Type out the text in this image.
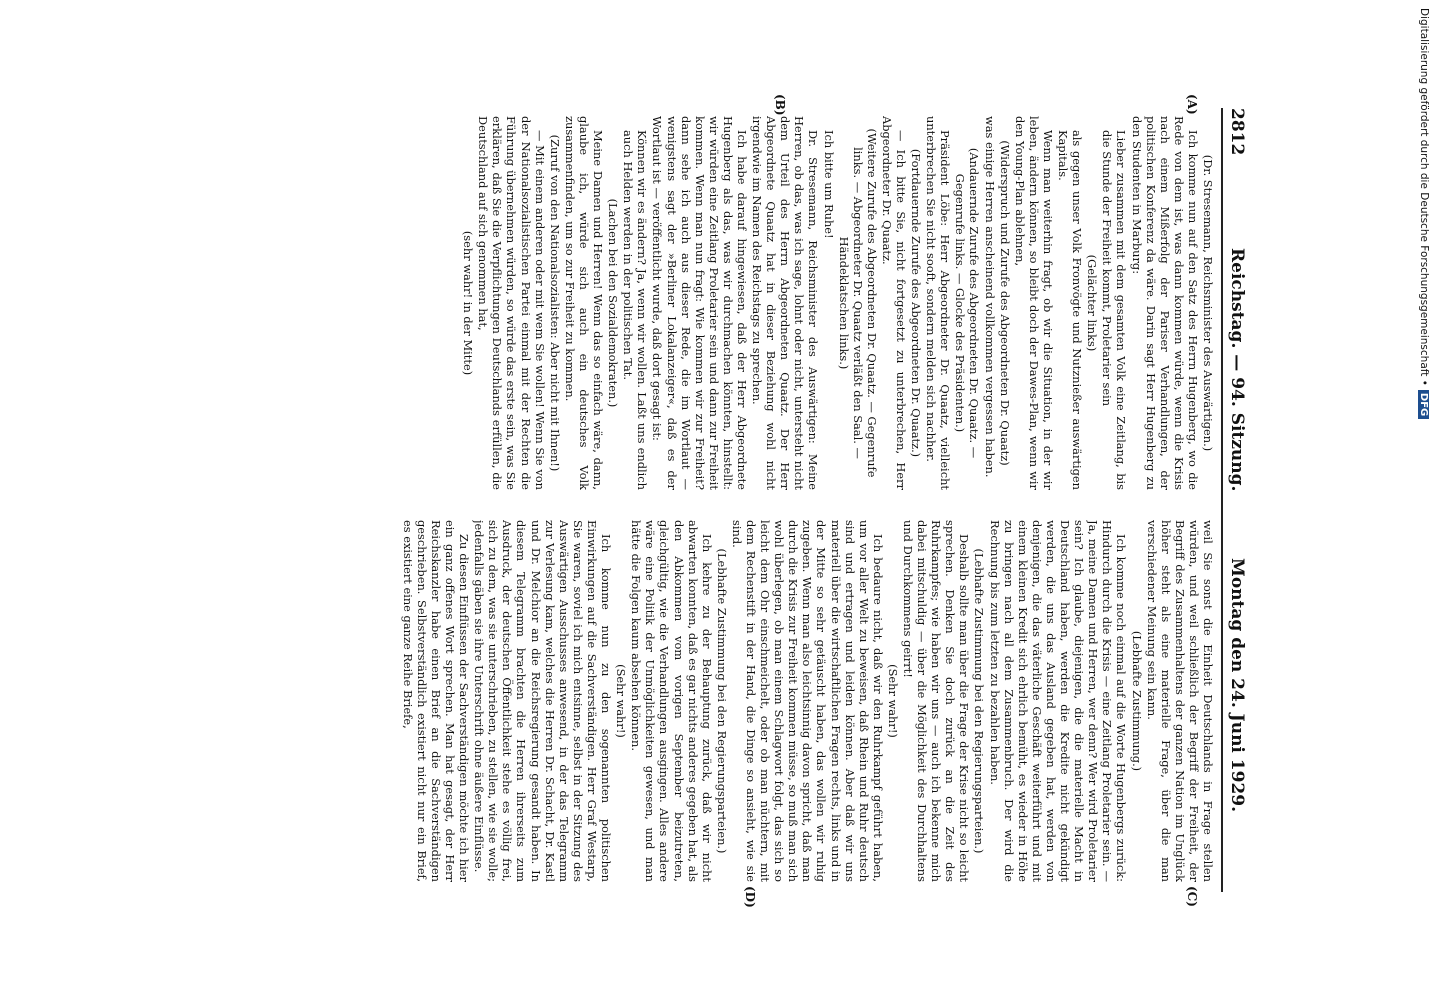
2812
Reichstag. — 94. Sitzung.
Montag den 24. Juni 1929.
(A)
(B)
(C)
(D)

(Dr. Stresemann, Reichsminister des Auswärtigen.)

Ich komme nun auf den Satz des Herrn Hugenberg, wo die Rede von dem ist, was dann kommen würde, wenn die Krisis nach einem Mißerfolg der Pariser Verhandlungen, der politischen Konferenz da wäre. Darin sagt Herr Hugenberg zu den Studenten in Marburg:

Lieber zusammen mit dem gesamten Volk eine Zeitlang, bis die Stunde der Freiheit kommt, Proletarier sein

(Gelächter links)

als gegen unser Volk Fronvögte und Nutznießer auswärtigen Kapitals.

Wenn man weiterhin fragt, ob wir die Situation, in der wir leben, ändern können, so bleibt doch der Dawes-Plan, wenn wir den Young-Plan ablehnen,

(Widerspruch und Zurufe des Abgeordneten Dr. Quaatz)

was einige Herren anscheinend vollkommen vergessen haben.

(Andauernde Zurufe des Abgeordneten Dr. Quaatz. — Gegenrufe links. — Glocke des Präsidenten.)

Präsident Löbe: Herr Abgeordneter Dr. Quaatz, vielleicht unterbrechen Sie nicht sooft, sondern melden sich nachher.

(Fortdauernde Zurufe des Abgeordneten Dr. Quaatz.)

— Ich bitte Sie, nicht fortgesetzt zu unterbrechen, Herr Abgeordneter Dr. Quaatz.

(Weitere Zurufe des Abgeordneten Dr. Quaatz. — Gegenrufe links. — Abgeordneter Dr. Quaatz verläßt den Saal. — Händeklatschen links.)

Ich bitte um Ruhe!

Dr. Stresemann, Reichsminister des Auswärtigen: Meine Herren, ob das, was ich sage, lohnt oder nicht, untersteht nicht dem Urteil des Herrn Abgeordneten Quaatz. Der Herr Abgeordnete Quaatz hat in dieser Beziehung wohl nicht irgendwie im Namen des Reichstags zu sprechen.

Ich habe darauf hingewiesen, daß der Herr Abgeordnete Hugenberg als das, was wir durchmachen könnten, hinstellt: wir würden eine Zeitlang Proletarier sein und dann zur Freiheit kommen. Wenn man nun fragt: Wie kommen wir zur Freiheit? dann sehe ich auch aus dieser Rede, die im Wortlaut — wenigstens sagt der »Berliner Lokalanzeiger«, daß es der Wortlaut ist — veröffentlicht wurde, daß dort gesagt ist:

Können wir es ändern? Ja, wenn wir wollen. Laßt uns endlich auch Helden werden in der politischen Tat.

(Lachen bei den Sozialdemokraten.)

Meine Damen und Herren! Wenn das so einfach wäre, dann, glaube ich, würde sich auch ein deutsches Volk zusammenfinden, um so zur Freiheit zu kommen.

(Zuruf von den Nationalsozialisten: Aber nicht mit Ihnen!)

— Mit einem anderen oder mit wem Sie wollen! Wenn Sie von der Nationalsozialistischen Partei einmal mit der Rechten die Führung übernehmen würden, so würde das erste sein, was Sie erklären, daß Sie die Verpflichtungen Deutschlands erfüllen, die Deutschland auf sich genommen hat,

(sehr wahr! in der Mitte)

weil Sie sonst die Einheit Deutschlands in Frage stellen würden, und weil schließlich der Begriff der Freiheit, der Begriff des Zusammenhaltens der ganzen Nation im Unglück höher steht als eine materielle Frage, über die man verschiedener Meinung sein kann.

(Lebhafte Zustimmung.)

Ich komme noch einmal auf die Worte Hugenbergs zurück: Hindurch durch die Krisis — eine Zeitlang Proletarier sein. — Ja, meine Damen und Herren, wer denn? Wer wird Proletarier sein? Ich glaube, diejenigen, die die materielle Macht in Deutschland haben, werden die Kredite nicht gekündigt werden, die uns das Ausland gegeben hat, werden von denjenigen, die das väterliche Geschäft weiterführt und mit einem kleinen Kredit sich ehrlich bemüht, es wieder in Höhe zu bringen nach all dem Zusammenbruch. Der wird die Rechnung bis zum letzten zu bezahlen haben.

(Lebhafte Zustimmung bei den Regierungsparteien.)

Deshalb sollte man über die Frage der Krise nicht so leicht sprechen. Denken Sie doch zurück an die Zeit des Ruhrkampfes; wie haben wir uns — auch ich bekenne mich dabei mitschuldig — über die Möglichkeit des Durchhaltens und Durchkommens geirrt!

(Sehr wahr!)

Ich bedaure nicht, daß wir den Ruhrkampf geführt haben, um vor aller Welt zu beweisen, daß Rhein und Ruhr deutsch sind und ertragen und leiden können. Aber daß wir uns materiell über die wirtschaftlichen Fragen rechts, links und in der Mitte so sehr getäuscht haben, das wollen wir ruhig zugeben. Wenn man also leichtsinnig davon spricht, daß man durch die Krisis zur Freiheit kommen müsse, so muß man sich wohl überlegen, ob man einem Schlagwort folgt, das sich so leicht dem Ohr einschmeichelt, oder ob man nüchtern, mit dem Rechenstift in der Hand, die Dinge so ansieht, wie sie sind.

(Lebhafte Zustimmung bei den Regierungsparteien.)

Ich kehre zu der Behauptung zurück, daß wir nicht abwarten konnten, daß es gar nichts anderes gegeben hat, als den Abkommen vom vorigen September beizutreten, gleichgültig, wie die Verhandlungen ausgingen. Alles andere wäre eine Politik der Unmöglichkeiten gewesen, und man hätte die Folgen kaum absehen können.

(Sehr wahr!)

Ich komme nun zu den sogenannten politischen Einwirkungen auf die Sachverständigen. Herr Graf Westarp, Sie waren, soviel ich mich entsinne, selbst in der Sitzung des Auswärtigen Ausschusses anwesend, in der das Telegramm zur Verlesung kam, welches die Herren Dr. Schacht, Dr. Kastl und Dr. Melchior an die Reichsregierung gesandt haben. In diesem Telegramm brachten die Herren ihrerseits zum Ausdruck, der deutschen Öffentlichkeit stehe es völlig frei, sich zu dem, was sie unterschrieben, zu stellen, wie sie wolle; jedenfalls gäben sie ihre Unterschrift ohne äußere Einflüsse.

Zu diesen Einflüssen der Sachverständigen möchte ich hier ein ganz offenes Wort sprechen. Man hat gesagt, der Herr Reichskanzler habe einen Brief an die Sachverständigen geschrieben. Selbstverständlich existiert nicht nur ein Brief, es existiert eine ganze Reihe Briefe,

Digitalisierung gefördert durch die Deutsche Forschungsgemeinschaft •DFG
